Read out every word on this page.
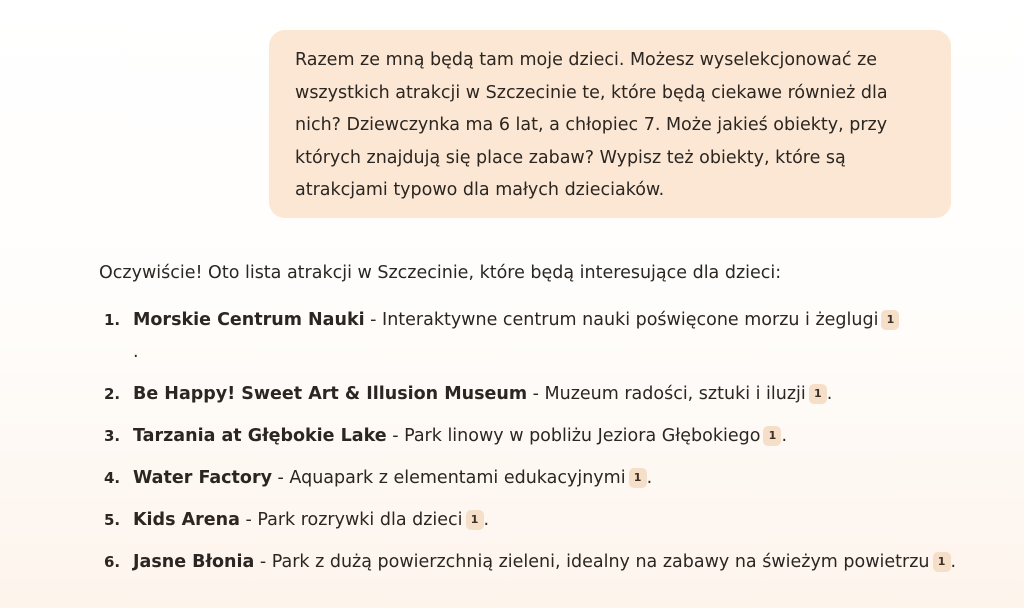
Razem ze mną będą tam moje dzieci. Możesz wyselekcjonować ze wszystkich atrakcji w Szczecinie te, które będą ciekawe również dla nich? Dziewczynka ma 6 lat, a chłopiec 7. Może jakieś obiekty, przy których znajdują się place zabaw? Wypisz też obiekty, które są atrakcjami typowo dla małych dzieciaków.

Oczywiście! Oto lista atrakcji w Szczecinie, które będą interesujące dla dzieci:

1. Morskie Centrum Nauki - Interaktywne centrum nauki poświęcone morzu i żeglugi 1
.
2. Be Happy! Sweet Art & Illusion Museum - Muzeum radości, sztuki i iluzji 1 .
3. Tarzania at Głębokie Lake - Park linowy w pobliżu Jeziora Głębokiego 1 .
4. Water Factory - Aquapark z elementami edukacyjnymi 1 .
5. Kids Arena - Park rozrywki dla dzieci 1 .
6. Jasne Błonia - Park z dużą powierzchnią zieleni, idealny na zabawy na świeżym powietrzu 1 .
